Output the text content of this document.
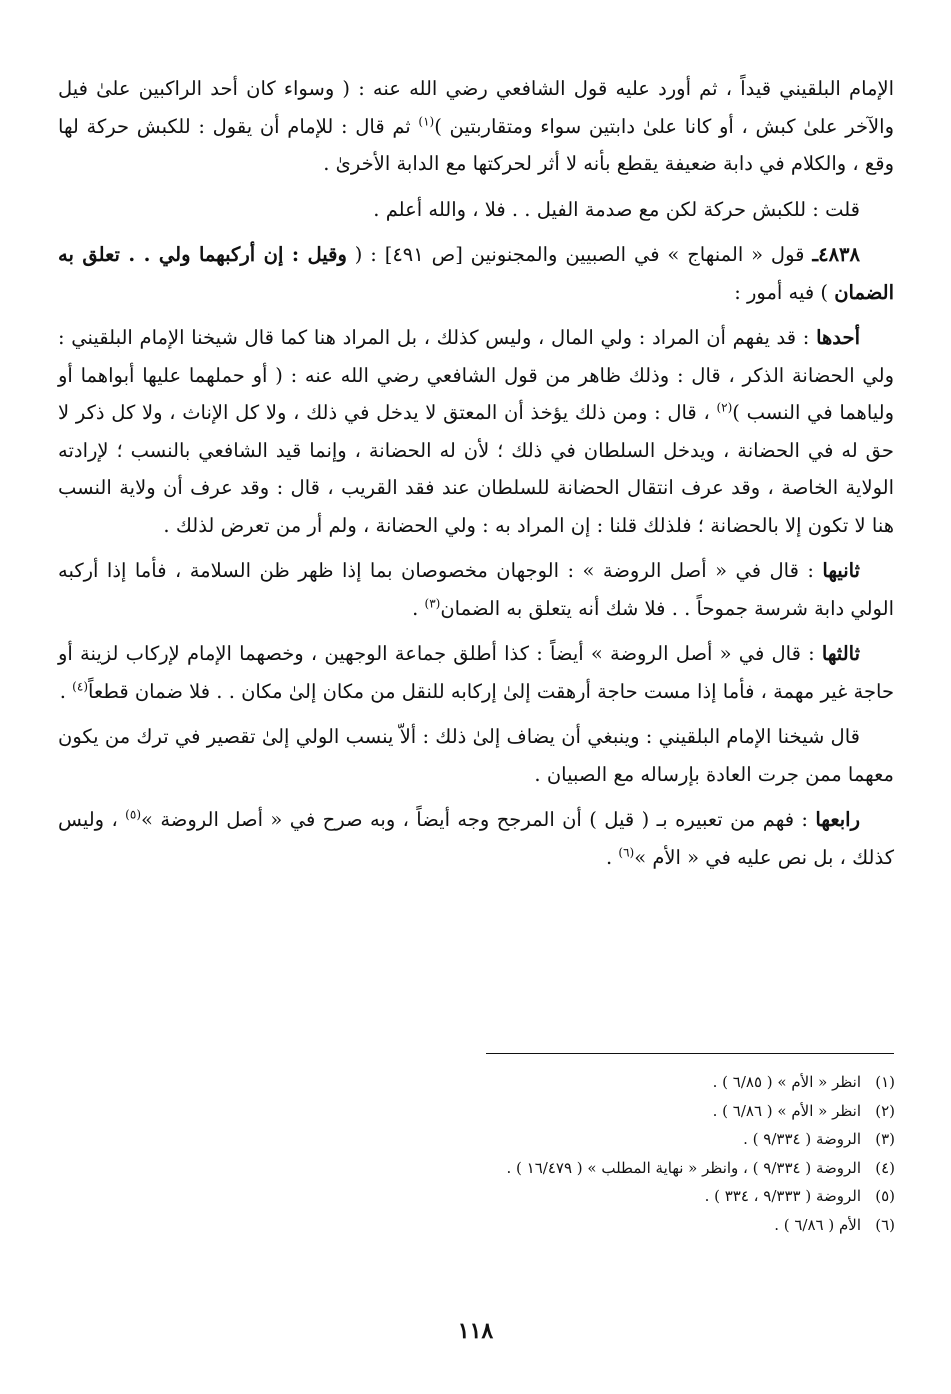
الإمام البلقيني قيداً ، ثم أورد عليه قول الشافعي رضي الله عنه : ( وسواء كان أحد الراكبين علىٰ فيل والآخر علىٰ كبش ، أو كانا علىٰ دابتين سواء ومتقاربتين )$^{(١)}$ ثم قال : للإمام أن يقول : للكبش حركة لها وقع ، والكلام في دابة ضعيفة يقطع بأنه لا أثر لحركتها مع الدابة الأخرىٰ .

قلت : للكبش حركة لكن مع صدمة الفيل . . فلا ، والله أعلم .

٤٨٣٨ـ قول « المنهاج » في الصبيين والمجنونين [ص ٤٩١] : ( وقيل : إن أركبهما ولي . . تعلق به الضمان ) فيه أمور :

أحدها : قد يفهم أن المراد : ولي المال ، وليس كذلك ، بل المراد هنا كما قال شيخنا الإمام البلقيني : ولي الحضانة الذكر ، قال : وذلك ظاهر من قول الشافعي رضي الله عنه : ( أو حملهما عليها أبواهما أو ولياهما في النسب )$^{(٢)}$ ، قال : ومن ذلك يؤخذ أن المعتق لا يدخل في ذلك ، ولا كل الإناث ، ولا كل ذكر لا حق له في الحضانة ، ويدخل السلطان في ذلك ؛ لأن له الحضانة ، وإنما قيد الشافعي بالنسب ؛ لإرادته الولاية الخاصة ، وقد عرف انتقال الحضانة للسلطان عند فقد القريب ، قال : وقد عرف أن ولاية النسب هنا لا تكون إلا بالحضانة ؛ فلذلك قلنا : إن المراد به : ولي الحضانة ، ولم أر من تعرض لذلك .

ثانيها : قال في « أصل الروضة » : الوجهان مخصوصان بما إذا ظهر ظن السلامة ، فأما إذا أركبه الولي دابة شرسة جموحاً . . فلا شك أنه يتعلق به الضمان$^{(٣)}$ .

ثالثها : قال في « أصل الروضة » أيضاً : كذا أطلق جماعة الوجهين ، وخصهما الإمام لإركاب لزينة أو حاجة غير مهمة ، فأما إذا مست حاجة أرهقت إلىٰ إركابه للنقل من مكان إلىٰ مكان . . فلا ضمان قطعاً$^{(٤)}$ .

قال شيخنا الإمام البلقيني : وينبغي أن يضاف إلىٰ ذلك : ألاّ ينسب الولي إلىٰ تقصير في ترك من يكون معهما ممن جرت العادة بإرساله مع الصبيان .

رابعها : فهم من تعبيره بـ ( قيل ) أن المرجح وجه أيضاً ، وبه صرح في « أصل الروضة »$^{(٥)}$ ، وليس كذلك ، بل نص عليه في « الأم »$^{(٦)}$ .

(١)انظر « الأم » ( ٦/٨٥ ) .
(٢)انظر « الأم » ( ٦/٨٦ ) .
(٣)الروضة ( ٩/٣٣٤ ) .
(٤)الروضة ( ٩/٣٣٤ ) ، وانظر « نهاية المطلب » ( ١٦/٤٧٩ ) .
(٥)الروضة ( ٩/٣٣٣ ، ٣٣٤ ) .
(٦)الأم ( ٦/٨٦ ) .
١١٨
